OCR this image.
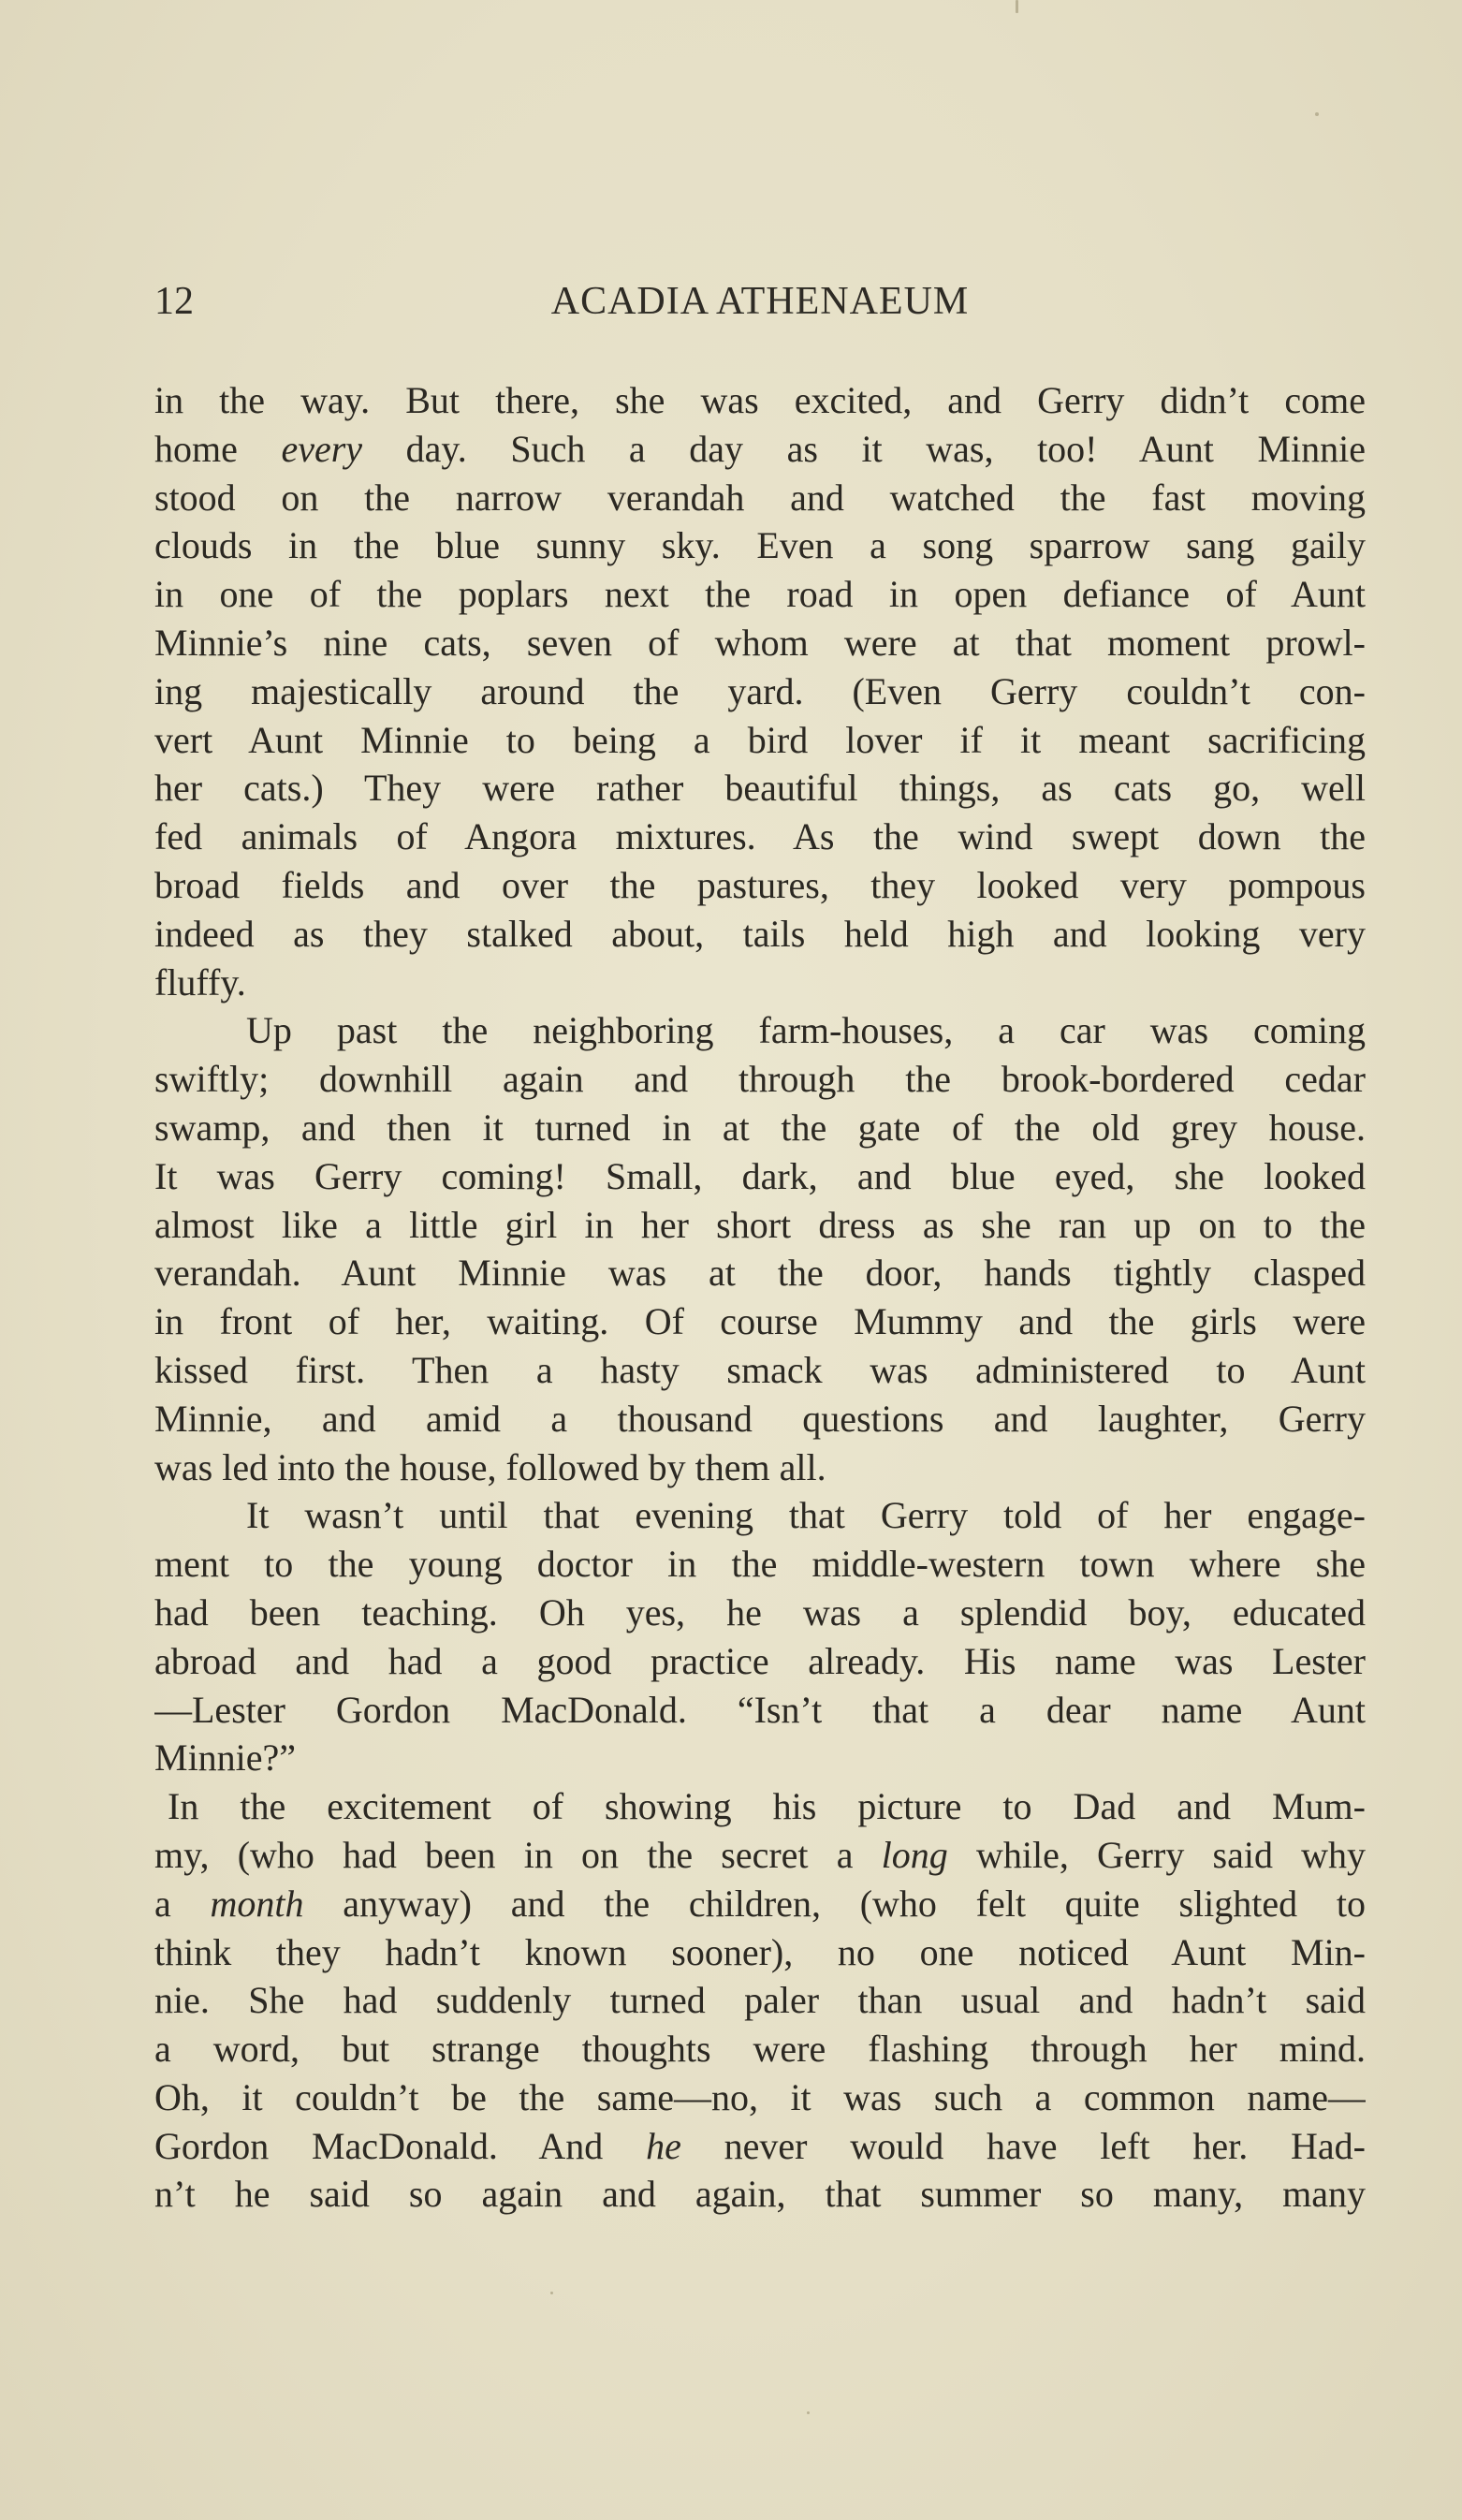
12	ACADIA ATHENAEUM
in the way. But there, she was excited, and Gerry didn’t come
home every day. Such a day as it was, too! Aunt Minnie
stood on the narrow verandah and watched the fast moving
clouds in the blue sunny sky. Even a song sparrow sang gaily
in one of the poplars next the road in open defiance of Aunt
Minnie’s nine cats, seven of whom were at that moment prowl-
ing majestically around the yard. (Even Gerry couldn’t con-
vert Aunt Minnie to being a bird lover if it meant sacrificing
her cats.) They were rather beautiful things, as cats go, well
fed animals of Angora mixtures. As the wind swept down the
broad fields and over the pastures, they looked very pompous
indeed as they stalked about, tails held high and looking very
fluffy.
Up past the neighboring farm-houses, a car was coming
swiftly; downhill again and through the brook-bordered cedar
swamp, and then it turned in at the gate of the old grey house.
It was Gerry coming! Small, dark, and blue eyed, she looked
almost like a little girl in her short dress as she ran up on to the
verandah. Aunt Minnie was at the door, hands tightly clasped
in front of her, waiting. Of course Mummy and the girls were
kissed first. Then a hasty smack was administered to Aunt
Minnie, and amid a thousand questions and laughter, Gerry
was led into the house, followed by them all.
It wasn’t until that evening that Gerry told of her engage-
ment to the young doctor in the middle-western town where she
had been teaching. Oh yes, he was a splendid boy, educated
abroad and had a good practice already. His name was Lester
—Lester Gordon MacDonald. “Isn’t that a dear name Aunt
Minnie?”
In the excitement of showing his picture to Dad and Mum-
my, (who had been in on the secret a long while, Gerry said why
a month anyway) and the children, (who felt quite slighted to
think they hadn’t known sooner), no one noticed Aunt Min-
nie. She had suddenly turned paler than usual and hadn’t said
a word, but strange thoughts were flashing through her mind.
Oh, it couldn’t be the same—no, it was such a common name—
Gordon MacDonald. And he never would have left her. Had-
n’t he said so again and again, that summer so many, many
